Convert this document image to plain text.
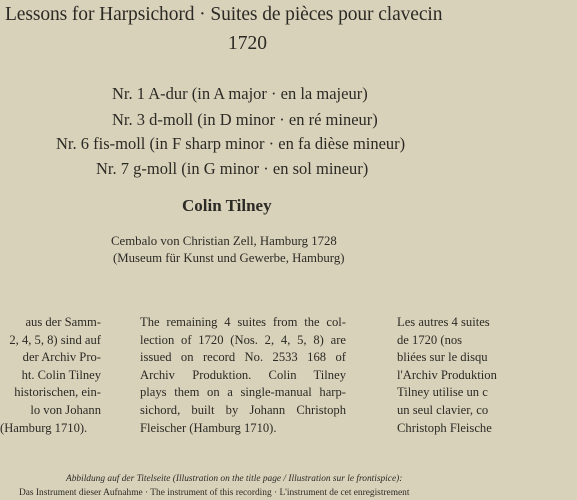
Lessons for Harpsichord · Suites de pièces pour clavecin
1720
Nr. 1 A-dur (in A major · en la majeur)
Nr. 3 d-moll (in D minor · en ré mineur)
Nr. 6 fis-moll (in F sharp minor · en fa dièse mineur)
Nr. 7 g-moll (in G minor · en sol mineur)
Colin Tilney
Cembalo von Christian Zell, Hamburg 1728
(Museum für Kunst und Gewerbe, Hamburg)
aus der Samm-
2, 4, 5, 8) sind auf
der Archiv Pro-
ht. Colin Tilney
historischen, ein-
lo von Johann
(Hamburg 1710).
The remaining 4 suites from the col-
lection of 1720 (Nos. 2, 4, 5, 8) are
issued on record No. 2533 168 of
Archiv Produktion. Colin Tilney
plays them on a single-manual harp-
sichord, built by Johann Christoph
Fleischer (Hamburg 1710).
Les autres 4 suites
de 1720 (nos
bliées sur le disqu
l'Archiv Produktion
Tilney utilise un c
un seul clavier, co
Christoph Fleische
Abbildung auf der Titelseite (Illustration on the title page / Illustration sur le frontispice):
Das Instrument dieser Aufnahme · The instrument of this recording · L'instrument de cet enregistrement
